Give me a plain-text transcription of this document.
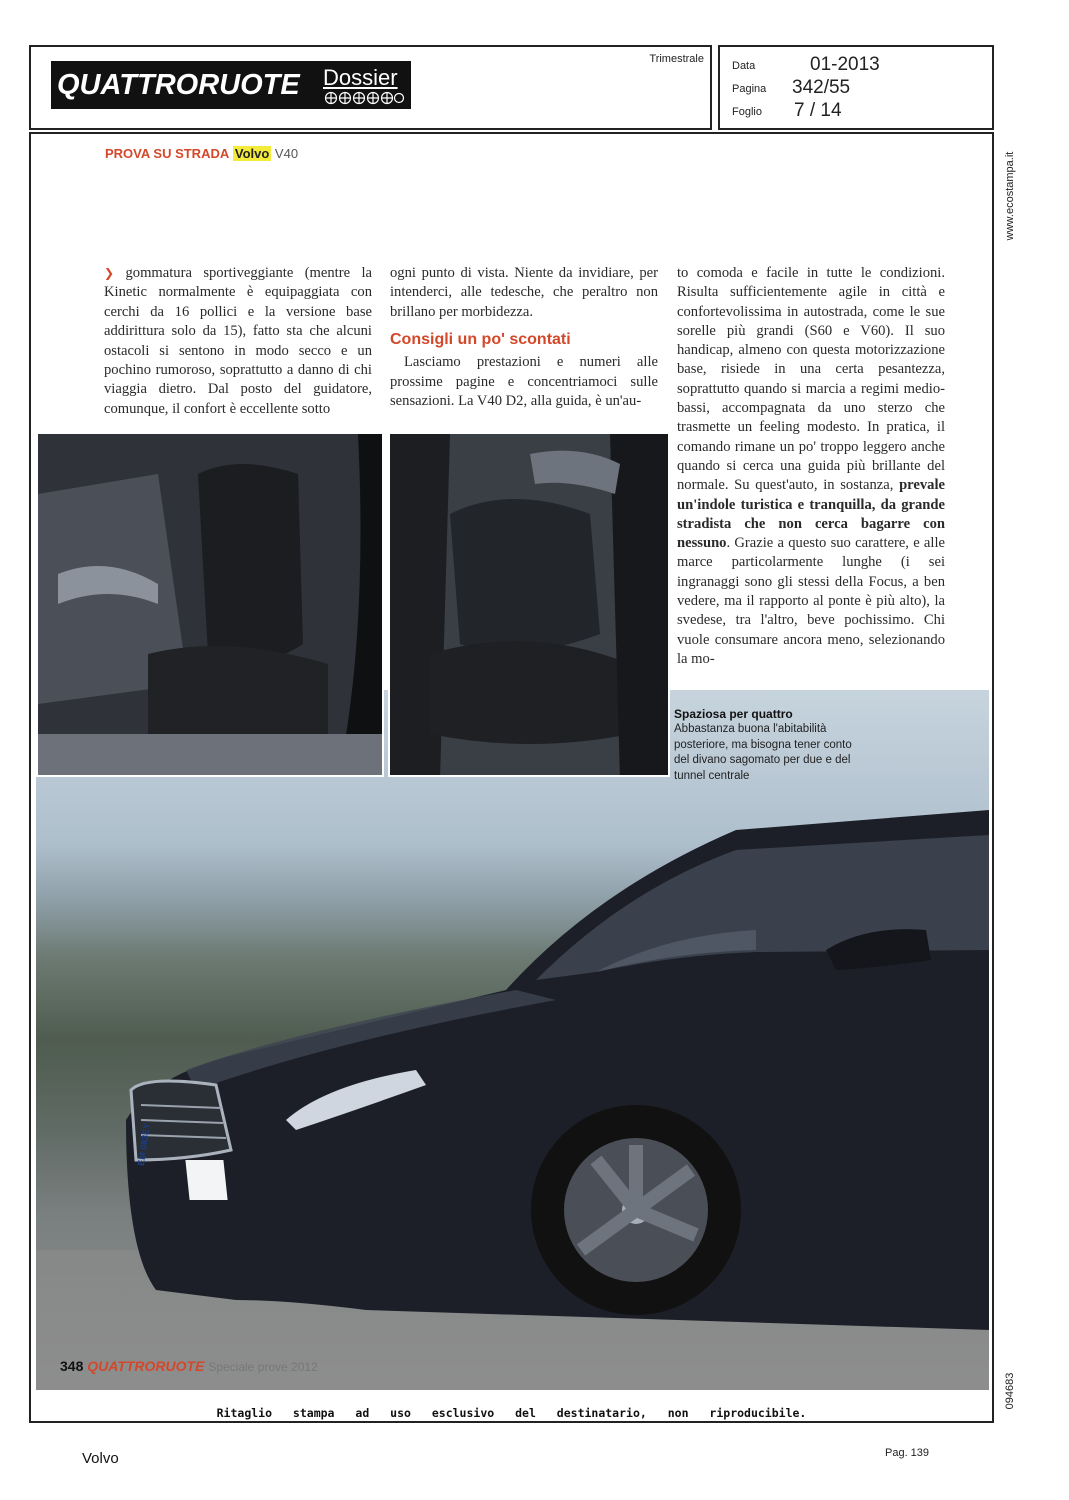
QUATTRORUOTE Dossier
Trimestrale
Data	01-2013
Pagina 342/55
Foglio 7 / 14
www.ecostampa.it
094683
PROVA SU STRADA Volvo V40

❯ gommatura sportiveggiante (mentre la Kinetic normalmente è equipaggiata con cerchi da 16 pollici e la versione base addirittura solo da 15), fatto sta che alcuni ostacoli si sentono in modo secco e un pochino rumoroso, soprattutto a danno di chi viaggia dietro. Dal posto del guidatore, comunque, il confort è eccellente sotto

ogni punto di vista. Niente da invidiare, per intenderci, alle tedesche, che peraltro non brillano per morbidezza.

Consigli un po' scontati

Lasciamo prestazioni e numeri alle prossime pagine e concentriamoci sulle sensazioni. La V40 D2, alla guida, è un'au-

to comoda e facile in tutte le condizioni. Risulta sufficientemente agile in città e confortevolissima in autostrada, come le sue sorelle più grandi (S60 e V60). Il suo handicap, almeno con questa motorizzazione base, risiede in una certa pesantezza, soprattutto quando si marcia a regimi medio-bassi, accompagnata da uno sterzo che trasmette un feeling modesto. In pratica, il comando rimane un po' troppo leggero anche quando si cerca una guida più brillante del normale. Su quest'auto, in sostanza, prevale un'indole turistica e tranquilla, da grande stradista che non cerca bagarre con nessuno. Grazie a questo suo carattere, e alle marce particolarmente lunghe (i sei ingranaggi sono gli stessi della Focus, a ben vedere, ma il rapporto al ponte è più alto), la svedese, tra l'altro, beve pochissimo. Chi vuole consumare ancora meno, selezionando la mo-

EM 083EY
Spaziosa per quattro
Abbastanza buona l'abitabilità posteriore, ma bisogna tener conto del divano sagomato per due e del tunnel centrale
348 QUATTRORUOTE Speciale prove 2012
Ritaglio stampa ad uso esclusivo del destinatario, non riproducibile.
Volvo	Pag. 139
